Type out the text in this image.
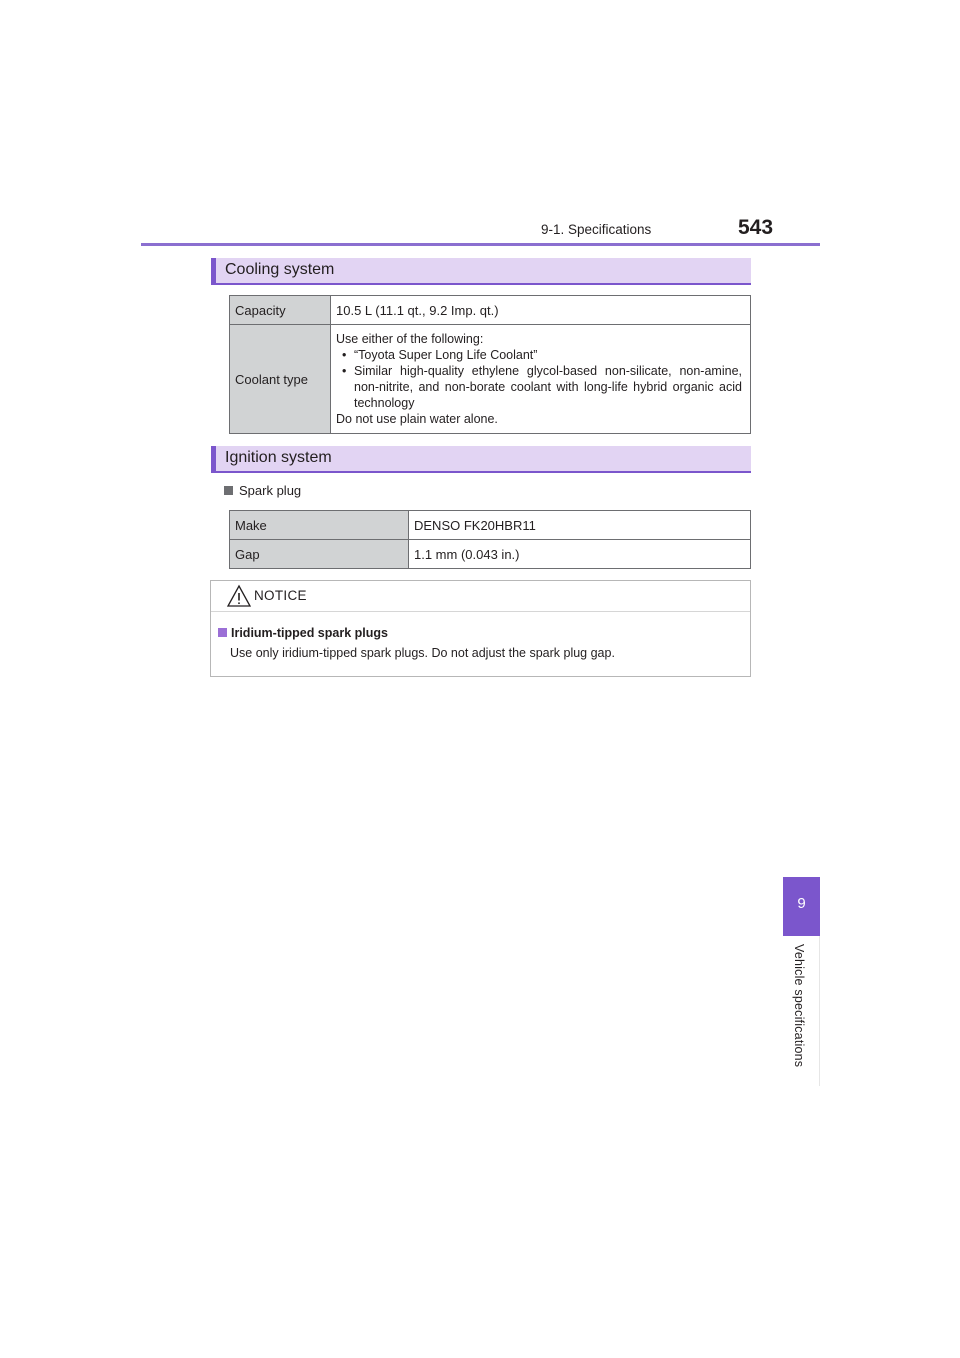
9-1. Specifications	543
Cooling system
Capacity	10.5 L (11.1 qt., 9.2 Imp. qt.)
Coolant type	Use either of the following:
• “Toyota Super Long Life Coolant”
• Similar high-quality ethylene glycol-based non-silicate, non-amine, non-nitrite, and non-borate coolant with long-life hybrid organic acid technology
Do not use plain water alone.
Ignition system
Spark plug
Make	DENSO FK20HBR11
Gap	1.1 mm (0.043 in.)
NOTICE
Iridium-tipped spark plugs
Use only iridium-tipped spark plugs. Do not adjust the spark plug gap.
9
Vehicle specifications
